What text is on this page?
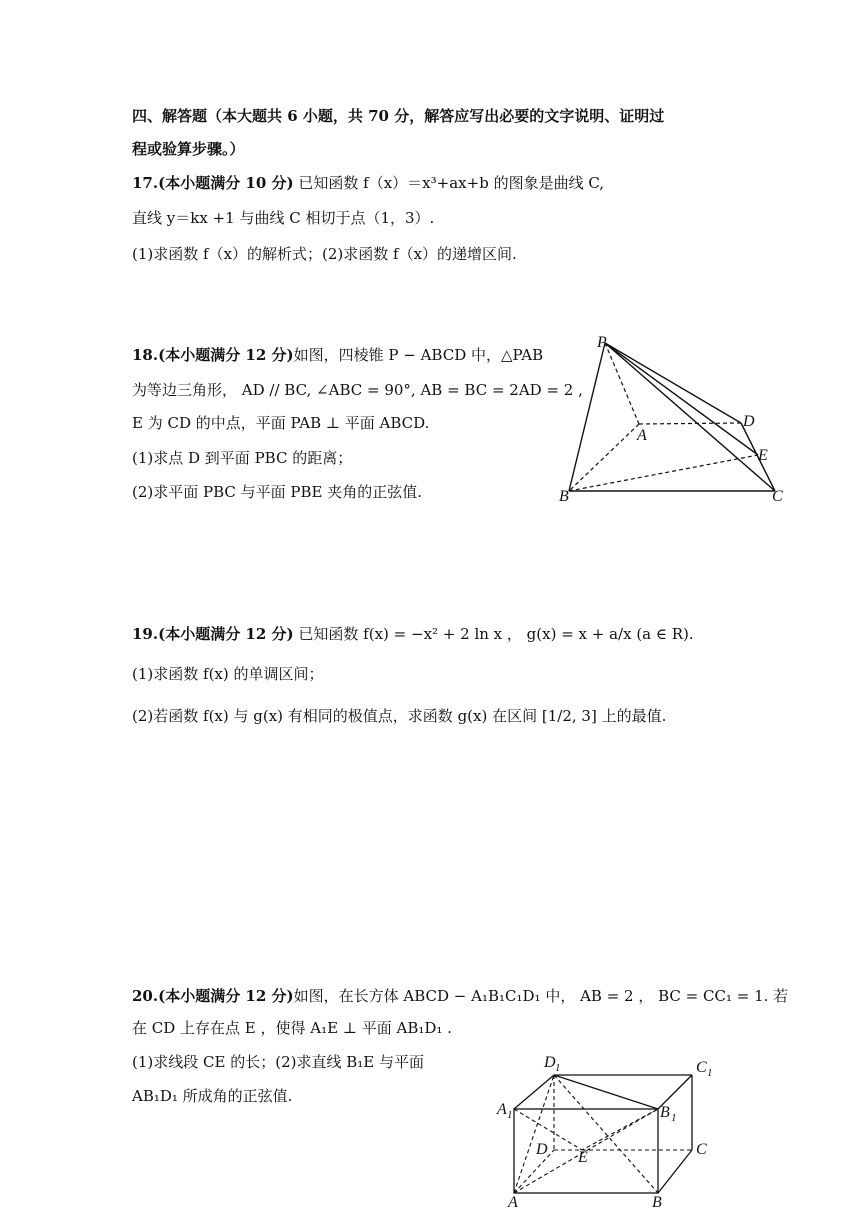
四、解答题（本大题共 6 小题，共 70 分，解答应写出必要的文字说明、证明过
程或验算步骤。）
17.(本小题满分 10 分) 已知函数 f（x）＝x³+ax+b 的图象是曲线 C,
直线 y＝kx +1 与曲线 C 相切于点（1，3）.
(1)求函数 f（x）的解析式；(2)求函数 f（x）的递增区间.
18.(本小题满分 12 分)如图，四棱锥 P − ABCD 中，△PAB
为等边三角形， AD // BC, ∠ABC = 90°, AB = BC = 2AD = 2 ,
E 为 CD 的中点，平面 PAB ⊥ 平面 ABCD.
(1)求点 D 到平面 PBC 的距离；
(2)求平面 PBC 与平面 PBE 夹角的正弦值.
P
A
B	C
D
E
19.(本小题满分 12 分) 已知函数 f(x) = −x² + 2 ln x ， g(x) = x + a/x (a ∈ R).
(1)求函数 f(x) 的单调区间；
(2)若函数 f(x) 与 g(x) 有相同的极值点，求函数 g(x) 在区间 [1/2, 3] 上的最值.
20.(本小题满分 12 分)如图，在长方体 ABCD − A₁B₁C₁D₁ 中， AB = 2 ， BC = CC₁ = 1. 若
在 CD 上存在点 E ，使得 A₁E ⊥ 平面 AB₁D₁ .
(1)求线段 CE 的长；(2)求直线 B₁E 与平面
AB₁D₁ 所成角的正弦值.
D 1	C 1
A 1	B 1
D E	C
A	B
